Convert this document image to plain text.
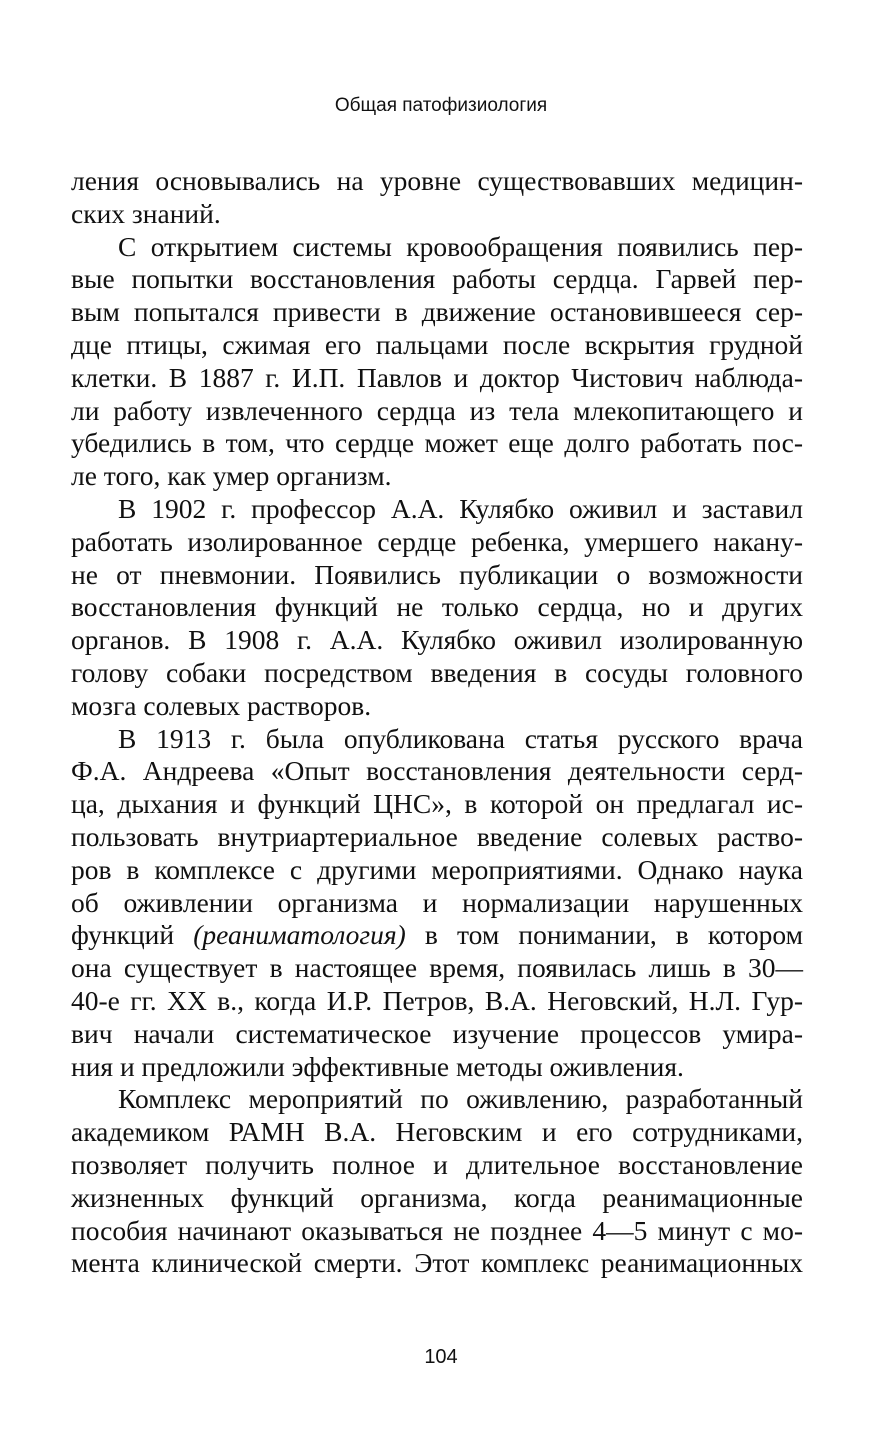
Общая патофизиология
ления основывались на уровне существовавших медицин-
ских знаний.
С открытием системы кровообращения появились пер-
вые попытки восстановления работы сердца. Гарвей пер-
вым попытался привести в движение остановившееся сер-
дце птицы, сжимая его пальцами после вскрытия грудной
клетки. В 1887 г. И.П. Павлов и доктор Чистович наблюда-
ли работу извлеченного сердца из тела млекопитающего и
убедились в том, что сердце может еще долго работать пос-
ле того, как умер организм.
В 1902 г. профессор А.А. Кулябко оживил и заставил
работать изолированное сердце ребенка, умершего накану-
не от пневмонии. Появились публикации о возможности
восстановления функций не только сердца, но и других
органов. В 1908 г. А.А. Кулябко оживил изолированную
голову собаки посредством введения в сосуды головного
мозга солевых растворов.
В 1913 г. была опубликована статья русского врача
Ф.А. Андреева «Опыт восстановления деятельности серд-
ца, дыхания и функций ЦНС», в которой он предлагал ис-
пользовать внутриартериальное введение солевых раство-
ров в комплексе с другими мероприятиями. Однако наука
об оживлении организма и нормализации нарушенных
функций (реаниматология) в том понимании, в котором
она существует в настоящее время, появилась лишь в 30—
40-е гг. XX в., когда И.Р. Петров, В.А. Неговский, Н.Л. Гур-
вич начали систематическое изучение процессов умира-
ния и предложили эффективные методы оживления.
Комплекс мероприятий по оживлению, разработанный
академиком РАМН В.А. Неговским и его сотрудниками,
позволяет получить полное и длительное восстановление
жизненных функций организма, когда реанимационные
пособия начинают оказываться не позднее 4—5 минут с мо-
мента клинической смерти. Этот комплекс реанимационных
104
